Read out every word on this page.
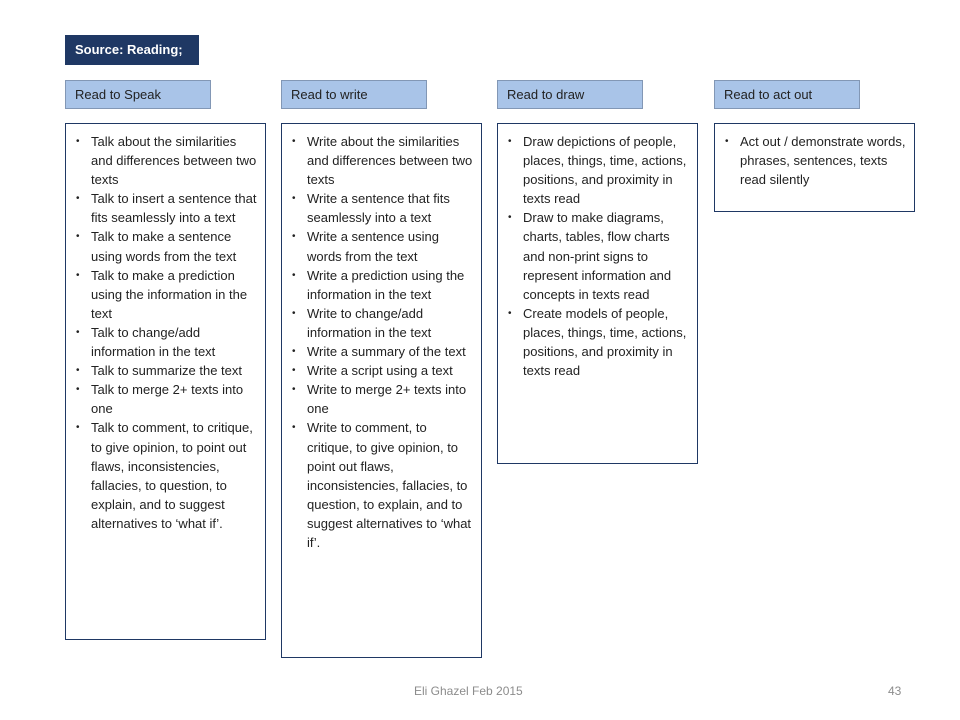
Source: Reading;
Read to Speak	Read to write	Read to draw	Read to act out
• Talk about the similarities and differences between two texts
• Talk to insert a sentence that fits seamlessly into a text
• Talk to make a sentence using words from the text
• Talk to make a prediction using the information in the text
• Talk to change/add information in the text
• Talk to summarize the text
• Talk to merge 2+ texts into one
• Talk to comment, to critique, to give opinion, to point out flaws, inconsistencies, fallacies, to question, to explain, and to suggest alternatives to ‘what if’.
• Write about the similarities and differences between two texts
• Write a sentence that fits seamlessly into a text
• Write a sentence using words from the text
• Write a prediction using the information in the text
• Write to change/add information in the text
• Write a summary of the text
• Write a script using a text
• Write to merge 2+ texts into one
• Write to comment, to critique, to give opinion, to point out flaws, inconsistencies, fallacies, to question, to explain, and to suggest alternatives to ‘what if’.
• Draw depictions of people, places, things, time, actions, positions, and proximity in texts read
• Draw to make diagrams, charts, tables, flow charts and non-print signs to represent information and concepts in texts read
• Create models of people, places, things, time, actions, positions, and proximity in texts read
• Act out / demonstrate words, phrases, sentences, texts read silently
Eli Ghazel Feb 2015	43
